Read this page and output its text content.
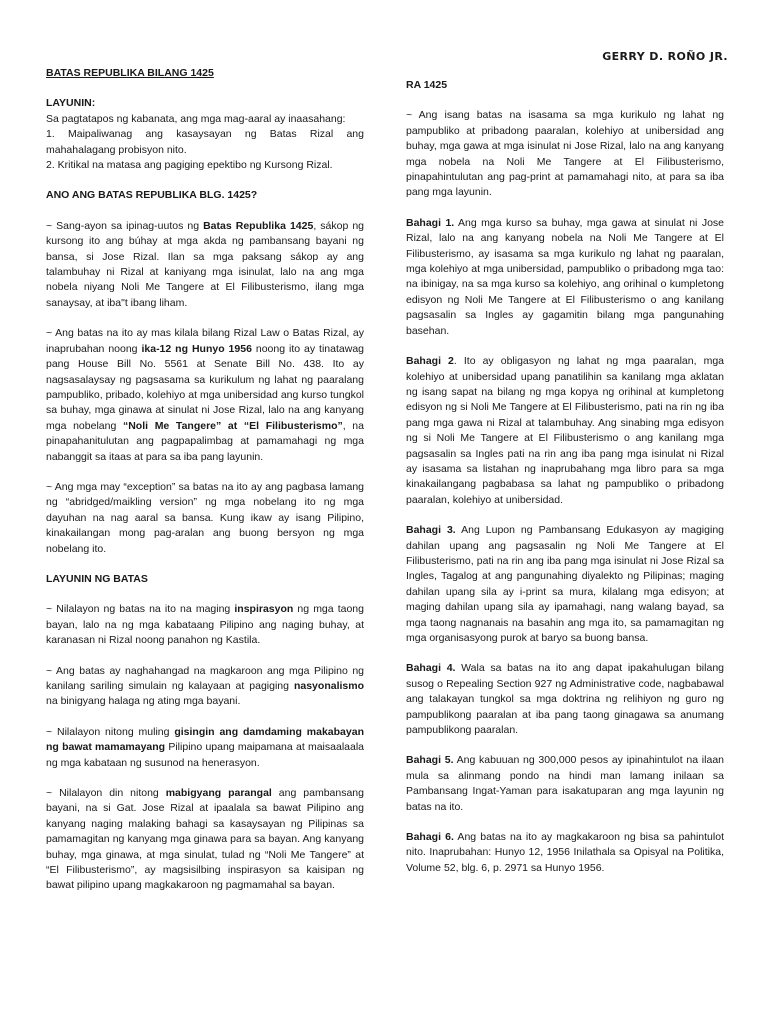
GERRY D. ROÑO JR.
BATAS REPUBLIKA BILANG 1425
LAYUNIN:

Sa pagtatapos ng kabanata, ang mga mag-aaral ay inaasahang:

1. Maipaliwanag ang kasaysayan ng Batas Rizal ang mahahalagang probisyon nito.

2. Kritikal na matasa ang pagiging epektibo ng Kursong Rizal.

ANO ANG BATAS REPUBLIKA BLG. 1425?

~ Sang-ayon sa ipinag-uutos ng Batas Republika 1425, sákop ng kursong ito ang búhay at mga akda ng pambansang bayani ng bansa, si Jose Rizal. Ilan sa mga paksang sákop ay ang talambuhay ni Rizal at kaniyang mga isinulat, lalo na ang mga nobela niyang Noli Me Tangere at El Filibusterismo, ilang mga sanaysay, at iba"t ibang liham.

~ Ang batas na ito ay mas kilala bilang Rizal Law o Batas Rizal, ay inaprubahan noong ika-12 ng Hunyo 1956 noong ito ay tinatawag pang House Bill No. 5561 at Senate Bill No. 438. Ito ay nagsasalaysay ng pagsasama sa kurikulum ng lahat ng paaralang pampubliko, pribado, kolehiyo at mga unibersidad ang kurso tungkol sa buhay, mga ginawa at sinulat ni Jose Rizal, lalo na ang kanyang mga nobelang “Noli Me Tangere” at “El Filibusterismo”, na pinapahanitulutan ang pagpapalimbag at pamamahagi ng mga nabanggit sa itaas at para sa iba pang layunin.

~ Ang mga may “exception” sa batas na ito ay ang pagbasa lamang ng “abridged/maikling version” ng mga nobelang ito ng mga dayuhan na nag aaral sa bansa. Kung ikaw ay isang Pilipino, kinakailangan mong pag-aralan ang buong bersyon ng mga nobelang ito.

LAYUNIN NG BATAS

~ Nilalayon ng batas na ito na maging inspirasyon ng mga taong bayan, lalo na ng mga kabataang Pilipino ang naging buhay, at karanasan ni Rizal noong panahon ng Kastila.

~ Ang batas ay naghahangad na magkaroon ang mga Pilipino ng kanilang sariling simulain ng kalayaan at pagiging nasyonalismo na binigyang halaga ng ating mga bayani.

~ Nilalayon nitong muling gisingin ang damdaming makabayan ng bawat mamamayang Pilipino upang maipamana at maisaalaala ng mga kabataan ng susunod na henerasyon.

~ Nilalayon din nitong mabigyang parangal ang pambansang bayani, na si Gat. Jose Rizal at ipaalala sa bawat Pilipino ang kanyang naging malaking bahagi sa kasaysayan ng Pilipinas sa pamamagitan ng kanyang mga ginawa para sa bayan. Ang kanyang buhay, mga ginawa, at mga sinulat, tulad ng “Noli Me Tangere” at “El Filibusterismo”, ay magsisilbing inspirasyon sa kaisipan ng bawat pilipino upang magkakaroon ng pagmamahal sa bayan.

RA 1425

~ Ang isang batas na isasama sa mga kurikulo ng lahat ng pampubliko at pribadong paaralan, kolehiyo at unibersidad ang buhay, mga gawa at mga isinulat ni Jose Rizal, lalo na ang kanyang mga nobela na Noli Me Tangere at El Filibusterismo, pinapahintulutan ang pag-print at pamamahagi nito, at para sa iba pang mga layunin.

Bahagi 1. Ang mga kurso sa buhay, mga gawa at sinulat ni Jose Rizal, lalo na ang kanyang nobela na Noli Me Tangere at El Filibusterismo, ay isasama sa mga kurikulo ng lahat ng paaralan, mga kolehiyo at mga unibersidad, pampubliko o pribadong mga tao: na ibinigay, na sa mga kurso sa kolehiyo, ang orihinal o kumpletong edisyon ng Noli Me Tangere at El Filibusterismo o ang kanilang pagsasalin sa Ingles ay gagamitin bilang mga pangunahing basehan.

Bahagi 2. Ito ay obligasyon ng lahat ng mga paaralan, mga kolehiyo at unibersidad upang panatilihin sa kanilang mga aklatan ng isang sapat na bilang ng mga kopya ng orihinal at kumpletong edisyon ng si Noli Me Tangere at El Filibusterismo, pati na rin ng iba pang mga gawa ni Rizal at talambuhay. Ang sinabing mga edisyon ng si Noli Me Tangere at El Filibusterismo o ang kanilang mga pagsasalin sa Ingles pati na rin ang iba pang mga isinulat ni Rizal ay isasama sa listahan ng inaprubahang mga libro para sa mga kinakailangang pagbabasa sa lahat ng pampubliko o pribadong paaralan, kolehiyo at unibersidad.

Bahagi 3. Ang Lupon ng Pambansang Edukasyon ay magiging dahilan upang ang pagsasalin ng Noli Me Tangere at El Filibusterismo, pati na rin ang iba pang mga isinulat ni Jose Rizal sa Ingles, Tagalog at ang pangunahing diyalekto ng Pilipinas; maging dahilan upang sila ay i-print sa mura, kilalang mga edisyon; at maging dahilan upang sila ay ipamahagi, nang walang bayad, sa mga taong nagnanais na basahin ang mga ito, sa pamamagitan ng mga organisasyong purok at baryo sa buong bansa.

Bahagi 4. Wala sa batas na ito ang dapat ipakahulugan bilang susog o Repealing Section 927 ng Administrative code, nagbabawal ang talakayan tungkol sa mga doktrina ng relihiyon ng guro ng pampublikong paaralan at iba pang taong ginagawa sa anumang pampublikong paaralan.

Bahagi 5. Ang kabuuan ng 300,000 pesos ay ipinahintulot na ilaan mula sa alinmang pondo na hindi man lamang inilaan sa Pambansang Ingat-Yaman para isakatuparan ang mga layunin ng batas na ito.

Bahagi 6. Ang batas na ito ay magkakaroon ng bisa sa pahintulot nito. Inaprubahan: Hunyo 12, 1956 Inilathala sa Opisyal na Politika, Volume 52, blg. 6, p. 2971 sa Hunyo 1956.
